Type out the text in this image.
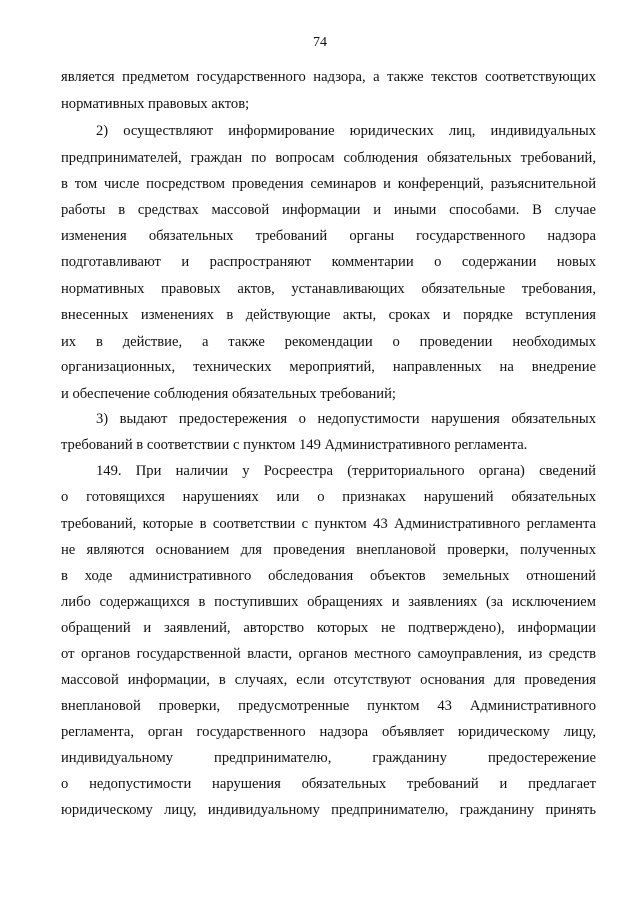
74
является предметом государственного надзора, а также текстов соответствующих
нормативных правовых актов;
2) осуществляют информирование юридических лиц, индивидуальных
предпринимателей, граждан по вопросам соблюдения обязательных требований,
в том числе посредством проведения семинаров и конференций, разъяснительной
работы в средствах массовой информации и иными способами. В случае
изменения обязательных требований органы государственного надзора
подготавливают и распространяют комментарии о содержании новых
нормативных правовых актов, устанавливающих обязательные требования,
внесенных изменениях в действующие акты, сроках и порядке вступления
их в действие, а также рекомендации о проведении необходимых
организационных, технических мероприятий, направленных на внедрение
и обеспечение соблюдения обязательных требований;
3) выдают предостережения о недопустимости нарушения обязательных
требований в соответствии с пунктом 149 Административного регламента.
149. При наличии у Росреестра (территориального органа) сведений
о готовящихся нарушениях или о признаках нарушений обязательных
требований, которые в соответствии с пунктом 43 Административного регламента
не являются основанием для проведения внеплановой проверки, полученных
в ходе административного обследования объектов земельных отношений
либо содержащихся в поступивших обращениях и заявлениях (за исключением
обращений и заявлений, авторство которых не подтверждено), информации
от органов государственной власти, органов местного самоуправления, из средств
массовой информации, в случаях, если отсутствуют основания для проведения
внеплановой проверки, предусмотренные пунктом 43 Административного
регламента, орган государственного надзора объявляет юридическому лицу,
индивидуальному предпринимателю, гражданину предостережение
о недопустимости нарушения обязательных требований и предлагает
юридическому лицу, индивидуальному предпринимателю, гражданину принять
